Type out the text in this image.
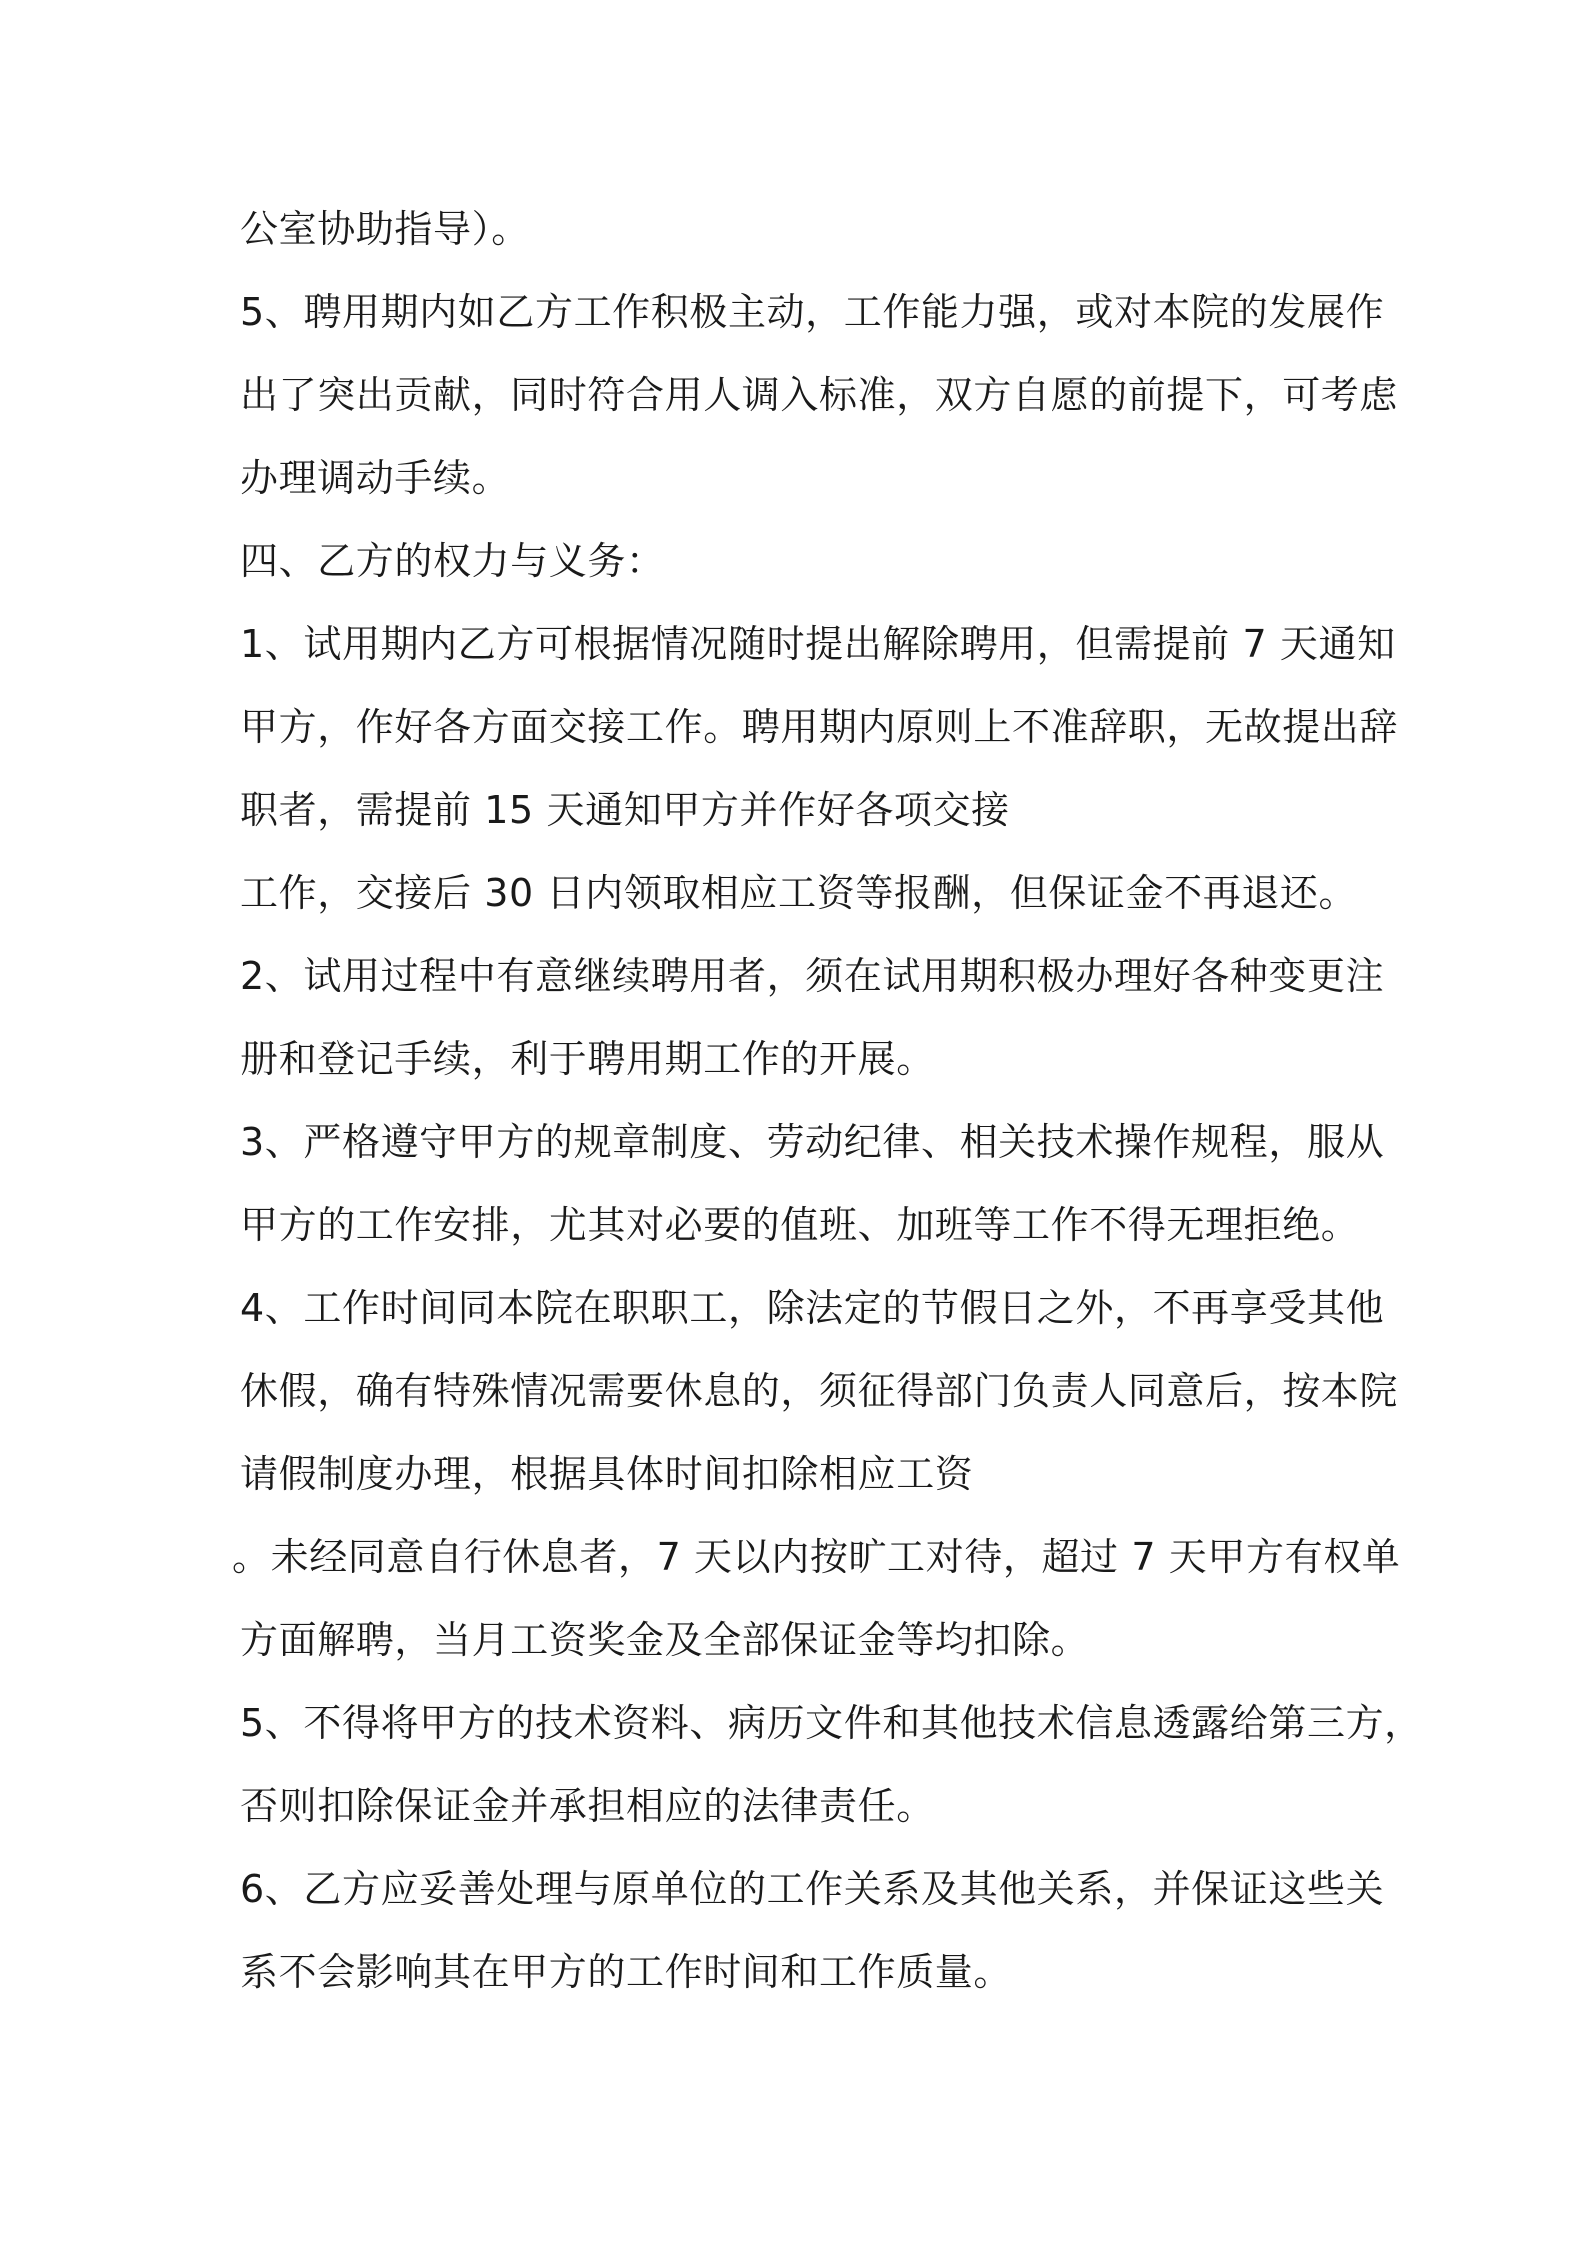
公室协助指导）。

5、聘用期内如乙方工作积极主动，工作能力强，或对本院的发展作

出了突出贡献，同时符合用人调入标准，双方自愿的前提下，可考虑

办理调动手续。

四、乙方的权力与义务：

1、试用期内乙方可根据情况随时提出解除聘用，但需提前 7 天通知

甲方，作好各方面交接工作。聘用期内原则上不准辞职，无故提出辞

职者，需提前 15 天通知甲方并作好各项交接

工作，交接后 30 日内领取相应工资等报酬，但保证金不再退还。

2、试用过程中有意继续聘用者，须在试用期积极办理好各种变更注

册和登记手续，利于聘用期工作的开展。

3、严格遵守甲方的规章制度、劳动纪律、相关技术操作规程，服从

甲方的工作安排，尤其对必要的值班、加班等工作不得无理拒绝。

4、工作时间同本院在职职工，除法定的节假日之外，不再享受其他

休假，确有特殊情况需要休息的，须征得部门负责人同意后，按本院

请假制度办理，根据具体时间扣除相应工资

。未经同意自行休息者，7 天以内按旷工对待，超过 7 天甲方有权单

方面解聘，当月工资奖金及全部保证金等均扣除。

5、不得将甲方的技术资料、病历文件和其他技术信息透露给第三方，

否则扣除保证金并承担相应的法律责任。

6、乙方应妥善处理与原单位的工作关系及其他关系，并保证这些关

系不会影响其在甲方的工作时间和工作质量。
